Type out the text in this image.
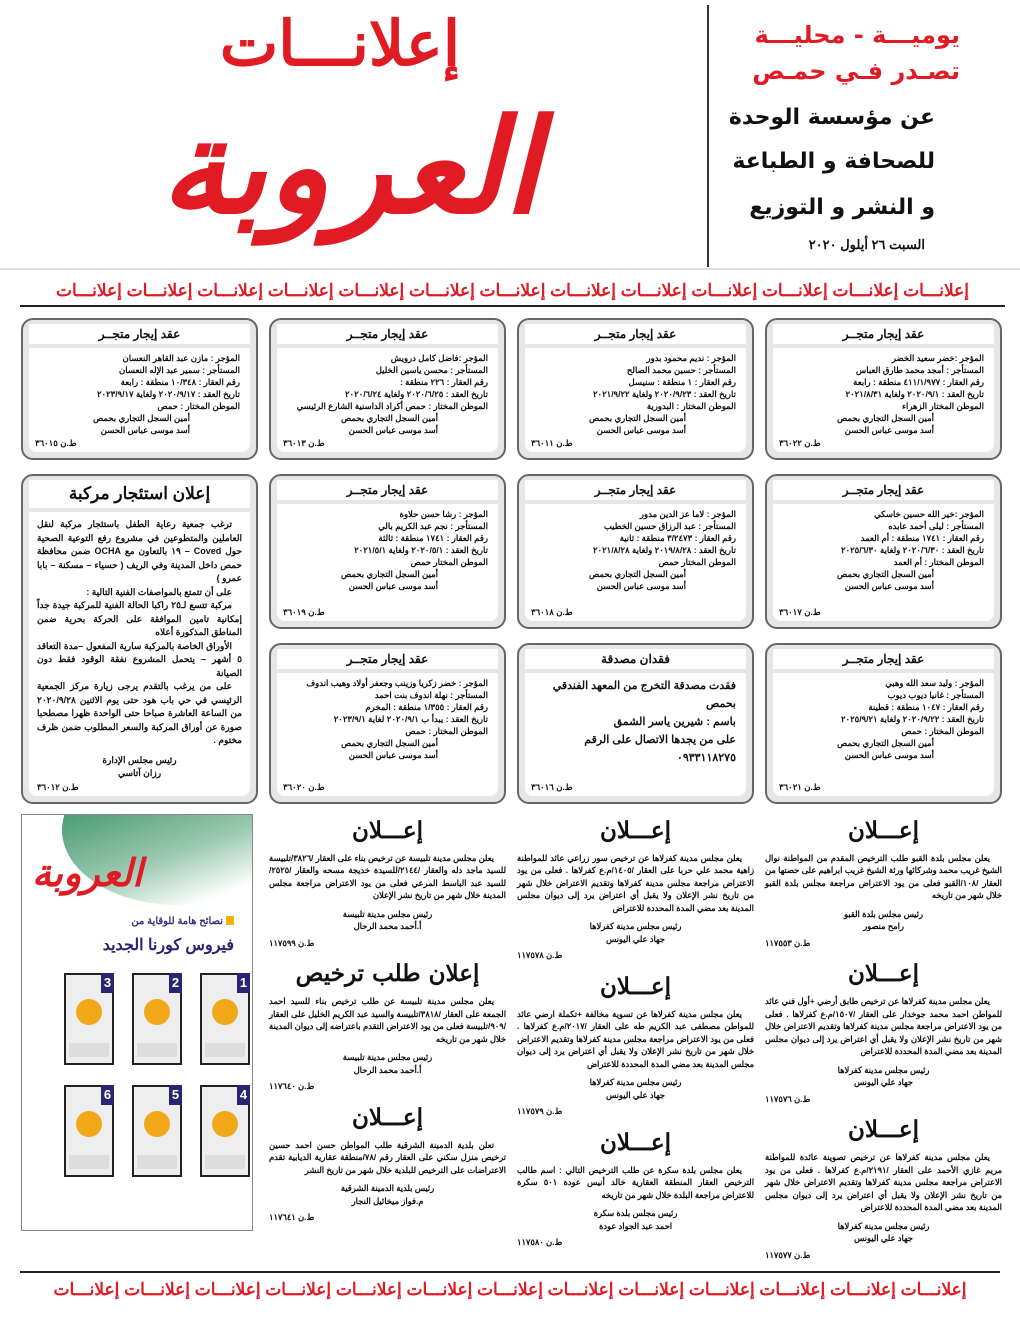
إعلانـــات
العروبة
يوميـــة - محليـــة
تصـدر فـي حمـص
عن مؤسسة الوحدة
للصحافة و الطباعة
و النشر و التوزيع
السبت ٢٦ أيلول ٢٠٢٠
إعلانـــات إعلانـــات إعلانـــات إعلانـــات إعلانـــات إعلانـــات إعلانـــات إعلانـــات إعلانـــات إعلانـــات إعلانـــات إعلانـــات إعلانـــات
عقد إيجار متجــر
المؤجر :خضر سعيد الخضر
المستأجر : أمجد محمد طارق العباس
رقم العقار : ٤١١/١/٩٧٧ منطقة : رابعة
تاريخ العقد : ٢٠٢٠/٩/١ ولغاية ٢٠٢١/٨/٣١
الموطن المختار الزهراء
أمين السجل التجاري بحمص
أسد موسى عباس الحسن
ط.ن ٣٦٠٢٢
عقد إيجار متجــر
المؤجر : نديم محمود بدور
المستأجر : حسين محمد الصالح
رقم العقار : ١ منطقة : سنيسل
تاريخ العقد : ٢٠٢٠/٩/٢٣ ولغاية ٢٠٢١/٩/٢٢
الموطن المختار : البدورية
أمين السجل التجاري بحمص
أسد موسى عباس الحسن
ط.ن ٣٦٠١١
عقد إيجار متجــر
المؤجر :فاضل كامل درويش
المستأجر : محسن ياسين الخليل
رقم العقار : ٢٢٦ منطقة :
تاريخ العقد : ٢٠٢٠/٦/٢٥ ولغاية ٢٠٢٠/٦/٢٤
الموطن المختار : حمص أكراد الداسنية الشارع الرئيسي
أمين السجل التجاري بحمص
أسد موسى عباس الحسن
ط.ن ٣٦٠١٣
عقد إيجار متجــر
المؤجر : مازن عبد القاهر النعسان
المستأجر : سمير عبد الإله النعسان
رقم العقار : ١٠/٣٤٨ منطقة : رابعة
تاريخ العقد : ٢٠٢٠/٩/١٧ ولغاية ٢٠٢٣/٩/١٧
الموطن المختار : حمص
أمين السجل التجاري بحمص
أسد موسى عباس الحسن
ط.ن ٣٦٠١٥
عقد إيجار متجــر
المؤجر :خير الله حسين خاسكي
المستأجر : ليلى أحمد عابده
رقم العقار : ١٧٤١ منطقة : أم العمد
تاريخ العقد : ٢٠٢٠/٦/٣٠ ولغاية ٢٠٢٥/٦/٣٠
الموطن المختار : أم العمد
أمين السجل التجاري بحمص
أسد موسى عباس الحسن
ط.ن ٣٦٠١٧
عقد إيجار متجــر
المؤجر : لاما عز الدين مدور
المستأجر : عبد الرزاق حسين الخطيب
رقم العقار : ٣/٢٤٧٣ منطقة : ثانية
تاريخ العقد : ٢٠١٩/٨/٢٨ ولغاية ٢٠٢١/٨/٢٨
الموطن المختار حمص
أمين السجل التجاري بحمص
أسد موسى عباس الحسن
ط.ن ٣٦٠١٨
عقد إيجار متجــر
المؤجر : رشا حسن حلاوة
المستأجر : نجم عبد الكريم بالي
رقم العقار : ١٧٤١ منطقة : ثالثة
تاريخ العقد : ٢٠٢٠/٥/١ ولغاية ٢٠٢١/٥/١
الموطن المختار حمص
أمين السجل التجاري بحمص
أسد موسى عباس الحسن
ط.ن ٣٦٠١٩
عقد إيجار متجــر
المؤجر : وليد سعد الله وهبي
المستأجر : غانيا ديوب ديوب
رقم العقار : ١٠٤٧ منطقة : قطينة
تاريخ العقد : ٢٠٢٠/٩/٢٢ ولغاية ٢٠٢٥/٩/٢١
الموطن المختار : حمص
أمين السجل التجاري بحمص
أسد موسى عباس الحسن
ط.ن ٣٦٠٢١
عقد إيجار متجــر
المؤجر : خضر زكريا وزينب وجعفر أولاد وهيب اندوف
المستأجر : نهلة اندوف بنت احمد
رقم العقار : ١/٣٥٥ منطقة : المخرم
تاريخ العقد : يبدأ ب ٢٠٢٠/٩/١ لغاية ٢٠٢٣/٩/١
الموطن المختار : حمص
أمين السجل التجاري بحمص
أسد موسى عباس الحسن
ط.ن ٣٦٠٢٠
فقدان مصدقة
فقدت مصدقة التخرج من المعهد الفندقي بحمص
باسم : شيرين ياسر الشمق
على من يجدها الاتصال على الرقم
٠٩٣٣١١٨٢٧٥
ط.ن ٣٦٠١٦
إعلان استئجار مركبة

ترغب جمعية رعاية الطفل باستئجار مركبة لنقل العاملين والمتطوعين في مشروع رفع التوعية الصحية حول Coved – ١٩ بالتعاون مع OCHA ضمن محافظة حمص داخل المدينة وفي الريف ( حسياء – مسكنة – بابا عمرو )

على أن تتمتع بالمواصفات الفنية التالية :

مركبة تتسع لـ٢٥ راكبا الحالة الفنية للمركبة جيدة جداً إمكانية تامين الموافقة على الحركة بحرية ضمن المناطق المذكورة أعلاه

الأوراق الخاصة بالمركبة سارية المفعول –مدة التعاقد ٥ أشهر – يتحمل المشروع نفقة الوقود فقط دون الصيانة

على من يرغب بالتقدم يرجى زيارة مركز الجمعية الرئيسي في حي باب هود حتى يوم الاثنين ٢٠٢٠/٩/٢٨ من الساعة العاشرة صباحا حتى الواحدة ظهرا مصطحبا صورة عن أوراق المركبة والسعر المطلوب ضمن ظرف مختوم .

رئيس مجلس الإدارة
رزان آتاسي
ط.ن ٣٦٠١٢
إعـــلان
يعلن مجلس بلدة القبو طلب الترخيص المقدم من المواطنة نوال الشيخ غريب محمد وشركائها ورثة الشيخ غريب ابراهيم على حصتها من العقار /١٠٨/القبو فعلى من يود الاعتراض مراجعة مجلس بلدة القبو خلال شهر من تاريخه
رئيس مجلس بلدة القبو
رامح منصور
ط.ن ١١٧٥٥٣
إعـــلان
يعلن مجلس مدينة كفرلاها عن ترخيص طابق أرضي +أول فني عائد للمواطن احمد محمد جوخدار على العقار /١٥٠٧/م.ع كفرلاها . فعلى من يود الاعتراض مراجعة مجلس مدينة كفرلاها وتقديم الاعتراض خلال شهر من تاريخ نشر الإعلان ولا يقبل أي اعتراض يرد إلى ديوان مجلس المدينة بعد مضي المدة المحددة للاعتراض
رئيس مجلس مدينة كفرلاها
جهاد علي اليونس
ط.ن ١١٧٥٧٦
إعـــلان
يعلن مجلس مدينة كفرلاها عن ترخيص تصوينة عائدة للمواطنة مريم غازي الأحمد على العقار /٢١٩١/م.ع كفرلاها . فعلى من يود الاعتراض مراجعة مجلس مدينة كفرلاها وتقديم الاعتراض خلال شهر من تاريخ نشر الإعلان ولا يقبل أي اعتراض يرد إلى ديوان مجلس المدينة بعد مضي المدة المحددة للاعتراض
رئيس مجلس مدينة كفرلاها
جهاد علي اليونس
ط.ن ١١٧٥٧٧
إعـــلان
يعلن مجلس مدينة كفرلاها عن ترخيص سور زراعي عائد للمواطنة زاهية محمد علي حربا على العقار /١٤٠٥/م.ع كفرلاها . فعلى من يود الاعتراض مراجعة مجلس مدينة كفرلاها وتقديم الاعتراض خلال شهر من تاريخ نشر الإعلان ولا يقبل أي اعتراض يرد إلى ديوان مجلس المدينة بعد مضي المدة المحددة للاعتراض
رئيس مجلس مدينة كفرلاها
جهاد علي اليونس
ط.ن ١١٧٥٧٨
إعـــلان
يعلن مجلس مدينة كفرلاها عن تسوية مخالفة +تكملة ارضي عائد للمواطن مصطفى عبد الكريم طه على العقار /٢٠١٧/م.ع كفرلاها . فعلى من يود الاعتراض مراجعة مجلس مدينة كفرلاها وتقديم الاعتراض خلال شهر من تاريخ نشر الإعلان ولا يقبل أي اعتراض يرد إلى ديوان مجلس المدينة بعد مضي المدة المحددة للاعتراض
رئيس مجلس مدينة كفرلاها
جهاد علي اليونس
ط.ن ١١٧٥٧٩
إعـــلان
يعلن مجلس بلدة سكرة عن طلب الترخيص التالي : اسم طالب الترخيص العقار المنطقة العقارية خالد أنيس عودة ٥٠١ سكرة للاعتراض مراجعة البلدة خلال شهر من تاريخه
رئيس مجلس بلدة سكرة
احمد عبد الجواد عودة
ط.ن ١١٧٥٨٠
إعـــلان
يعلن مجلس مدينة تلبيسة عن ترخيص بناء على العقار /٣٨٢٦/تلبيسة للسيد ماجد دله والعقار /٢١٤٤/للسيدة خديجة مسحه والعقار /٢٥٢٥/للسيد عبد الباسط المرعي فعلى من يود الاعتراض مراجعة مجلس المدينة خلال شهر من تاريخ نشر الإعلان
رئيس مجلس مدينة تلبيسة
أ.أحمد محمد الرحال
ط.ن ١١٧٥٩٩
إعلان طلب ترخيص
يعلن مجلس مدينة تلبيسة عن طلب ترخيص بناء للسيد احمد الجمعة على العقار /٣٨١٨/تلبيسة والسيد عبد الكريم الخليل على العقار /٩٠٩/تلبيسة فعلى من يود الاعتراض التقدم باعتراضه إلى ديوان المدينة خلال شهر من تاريخه
رئيس مجلس مدينة تلبيسة
أ.أحمد محمد الرحال
ط.ن ١١٧٦٤٠
إعـــلان
تعلن بلدية الدمينة الشرقية طلب المواطن حسن احمد حسين ترخيص منزل سكني على العقار رقم /٧٨/منطقة عقارية الديابية تقدم الاعتراضات على الترخيص للبلدية خلال شهر من تاريخ النشر
رئيس بلدية الدمينة الشرقية
م.فواز ميخائيل النجار
ط.ن ١١٧٦٤١
العروبة
نصائح هامة للوقاية من
فيروس كورنا الجديد
1
2
3
4
5
6
إعلانـــات إعلانـــات إعلانـــات إعلانـــات إعلانـــات إعلانـــات إعلانـــات إعلانـــات إعلانـــات إعلانـــات إعلانـــات إعلانـــات إعلانـــات
